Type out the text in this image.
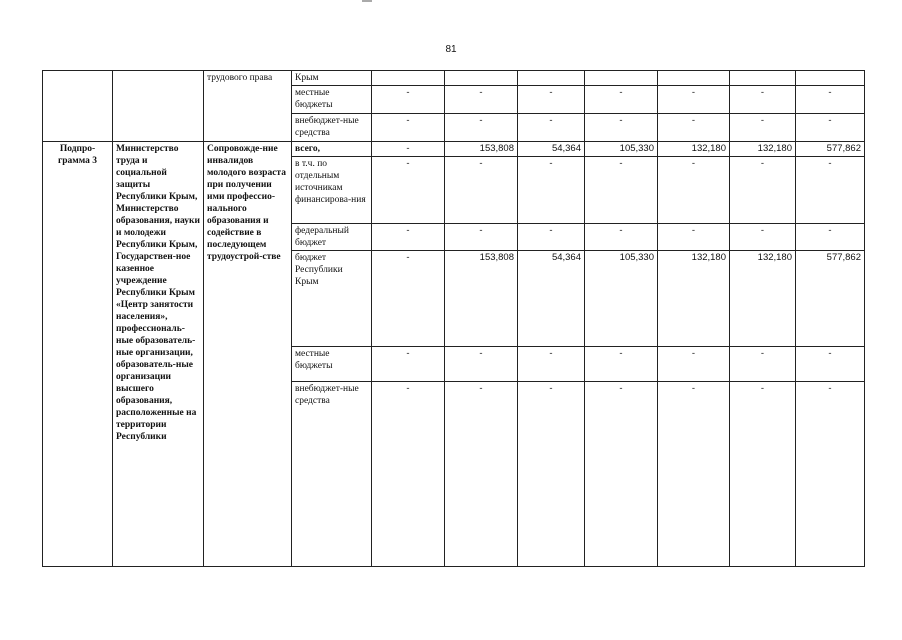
81
		трудового права	Крым							
			местные бюджеты	-	-	-	-	-	-	-
			внебюджет-ные средства	-	-	-	-	-	-	-
Подпро-грамма 3	Министерство труда и социальной защиты Республики Крым, Министерство образования, науки и молодежи Республики Крым, Государствен-ное казенное учреждение Республики Крым «Центр занятости населения», профессиональ-ные образователь-ные организации, образователь-ные организации высшего образования, расположенные на территории Республики	Сопровожде-ние инвалидов молодого возраста при получении ими профессио-нального образования и содействие в последующем трудоустрой-стве	всего,	-	153,808	54,364	105,330	132,180	132,180	577,862
			в т.ч. по отдельным источникам финансирова-ния	-	-	-	-	-	-	-
			федеральный бюджет	-	-	-	-	-	-	-
			бюджет Республики Крым	-	153,808	54,364	105,330	132,180	132,180	577,862
			местные бюджеты	-	-	-	-	-	-	-
			внебюджет-ные средства	-	-	-	-	-	-	-
